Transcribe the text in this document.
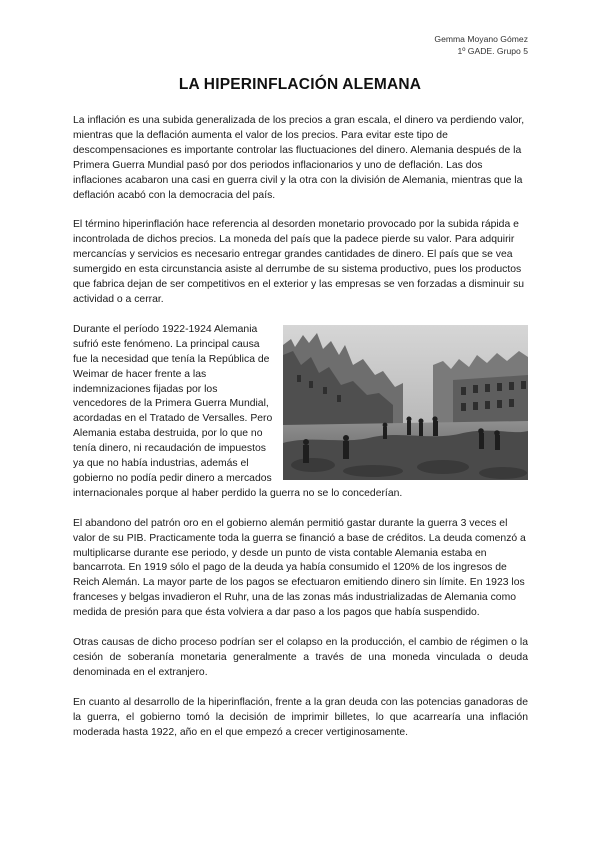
Gemma Moyano Gómez
1º GADE. Grupo 5
LA HIPERINFLACIÓN ALEMANA

La inflación es una subida generalizada de los precios a gran escala, el dinero va perdiendo valor, mientras que la deflación aumenta el valor de los precios. Para evitar este tipo de descompensaciones es importante controlar las fluctuaciones del dinero. Alemania después de la Primera Guerra Mundial pasó por dos periodos inflacionarios y uno de deflación. Las dos inflaciones acabaron una casi en guerra civil y la otra con la división de Alemania, mientras que la deflación acabó con la democracia del país.

El término hiperinflación hace referencia al desorden monetario provocado por la subida rápida e incontrolada de dichos precios. La moneda del país que la padece pierde su valor. Para adquirir mercancías y servicios es necesario entregar grandes cantidades de dinero. El país que se vea sumergido en esta circunstancia asiste al derrumbe de su sistema productivo, pues los productos que fabrica dejan de ser competitivos en el exterior y las empresas se ven forzadas a disminuir su actividad o a cerrar.

Durante el período 1922-1924 Alemania sufrió este fenómeno. La principal causa fue la necesidad que tenía la República de Weimar de hacer frente a las indemnizaciones fijadas por los vencedores de la Primera Guerra Mundial, acordadas en el Tratado de Versalles. Pero Alemania estaba destruida, por lo que no tenía dinero, ni recaudación de impuestos ya que no había industrias, además el gobierno no podía pedir dinero a mercados internacionales porque al haber perdido la guerra no se lo concederían.

El abandono del patrón oro en el gobierno alemán permitió gastar durante la guerra 3 veces el valor de su PIB. Practicamente toda la guerra se financió a base de créditos. La deuda comenzó a multiplicarse durante ese periodo, y desde un punto de vista contable Alemania estaba en bancarrota. En 1919 sólo el pago de la deuda ya había consumido el 120% de los ingresos de Reich Alemán. La mayor parte de los pagos se efectuaron emitiendo dinero sin límite. En 1923 los franceses y belgas invadieron el Ruhr, una de las zonas más industrializadas de Alemania como medida de presión para que ésta volviera a dar paso a los pagos que había suspendido.

Otras causas de dicho proceso podrían ser el colapso en la producción, el cambio de régimen o la cesión de soberanía monetaria generalmente a través de una moneda vinculada o deuda denominada en el extranjero.

En cuanto al desarrollo de la hiperinflación, frente a la gran deuda con las potencias ganadoras de la guerra, el gobierno tomó la decisión de imprimir billetes, lo que acarrearía una inflación moderada hasta 1922, año en el que empezó a crecer vertiginosamente.
